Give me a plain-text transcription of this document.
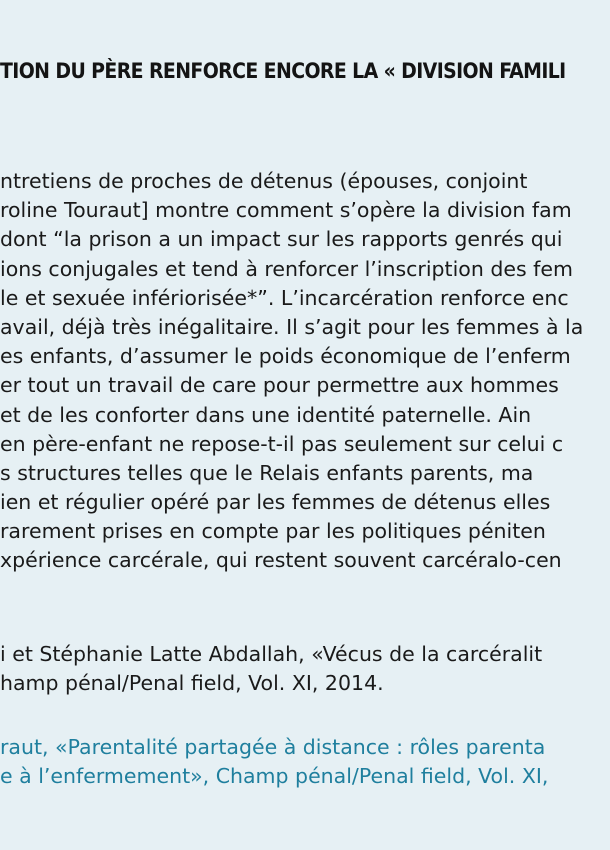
TION DU PÈRE RENFORCE ENCORE LA « DIVISION FAMILI
ntretiens de proches de détenus (épouses, conjoint
roline Touraut] montre comment s’opère la division fam
dont “la prison a un impact sur les rapports genrés qui
ions conjugales et tend à renforcer l’inscription des fem
le et sexuée infériorisée*”. L’incarcération renforce enc
avail, déjà très inégalitaire. Il s’agit pour les femmes à la
es enfants, d’assumer le poids économique de l’enferm
er tout un travail de care pour permettre aux hommes
et de les conforter dans une identité paternelle. Ain
en père-enfant ne repose-t-il pas seulement sur celui c
s structures telles que le Relais enfants parents, ma
ien et régulier opéré par les femmes de détenus elles
rarement prises en compte par les politiques péniten
xpérience carcérale, qui restent souvent carcéralo-cen
i et Stéphanie Latte Abdallah, «Vécus de la carcéralit
hamp pénal/Penal field, Vol. XI, 2014.
raut, «Parentalité partagée à distance : rôles parenta
e à l’enfermement», Champ pénal/Penal field, Vol. XI,
